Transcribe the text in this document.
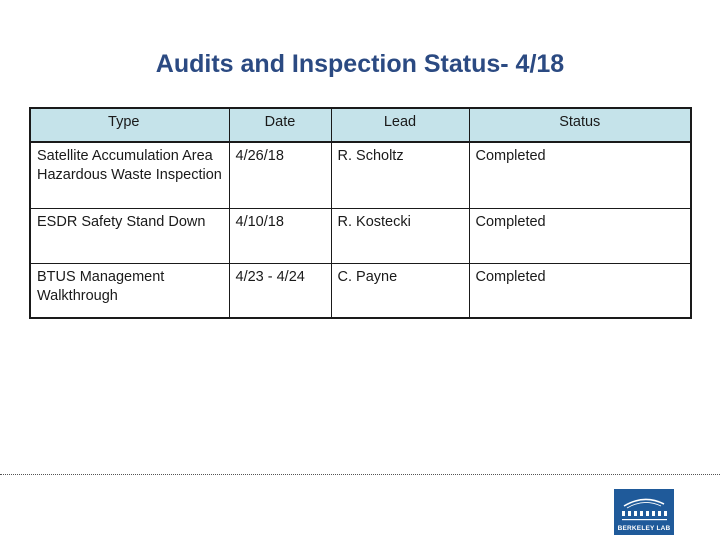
Audits and Inspection Status- 4/18
Type	Date	Lead	Status
Satellite Accumulation Area Hazardous Waste Inspection	4/26/18	R. Scholtz	Completed
ESDR Safety Stand Down	4/10/18	R. Kostecki	Completed
BTUS Management Walkthrough	4/23 - 4/24	C. Payne	Completed
BERKELEY LAB
